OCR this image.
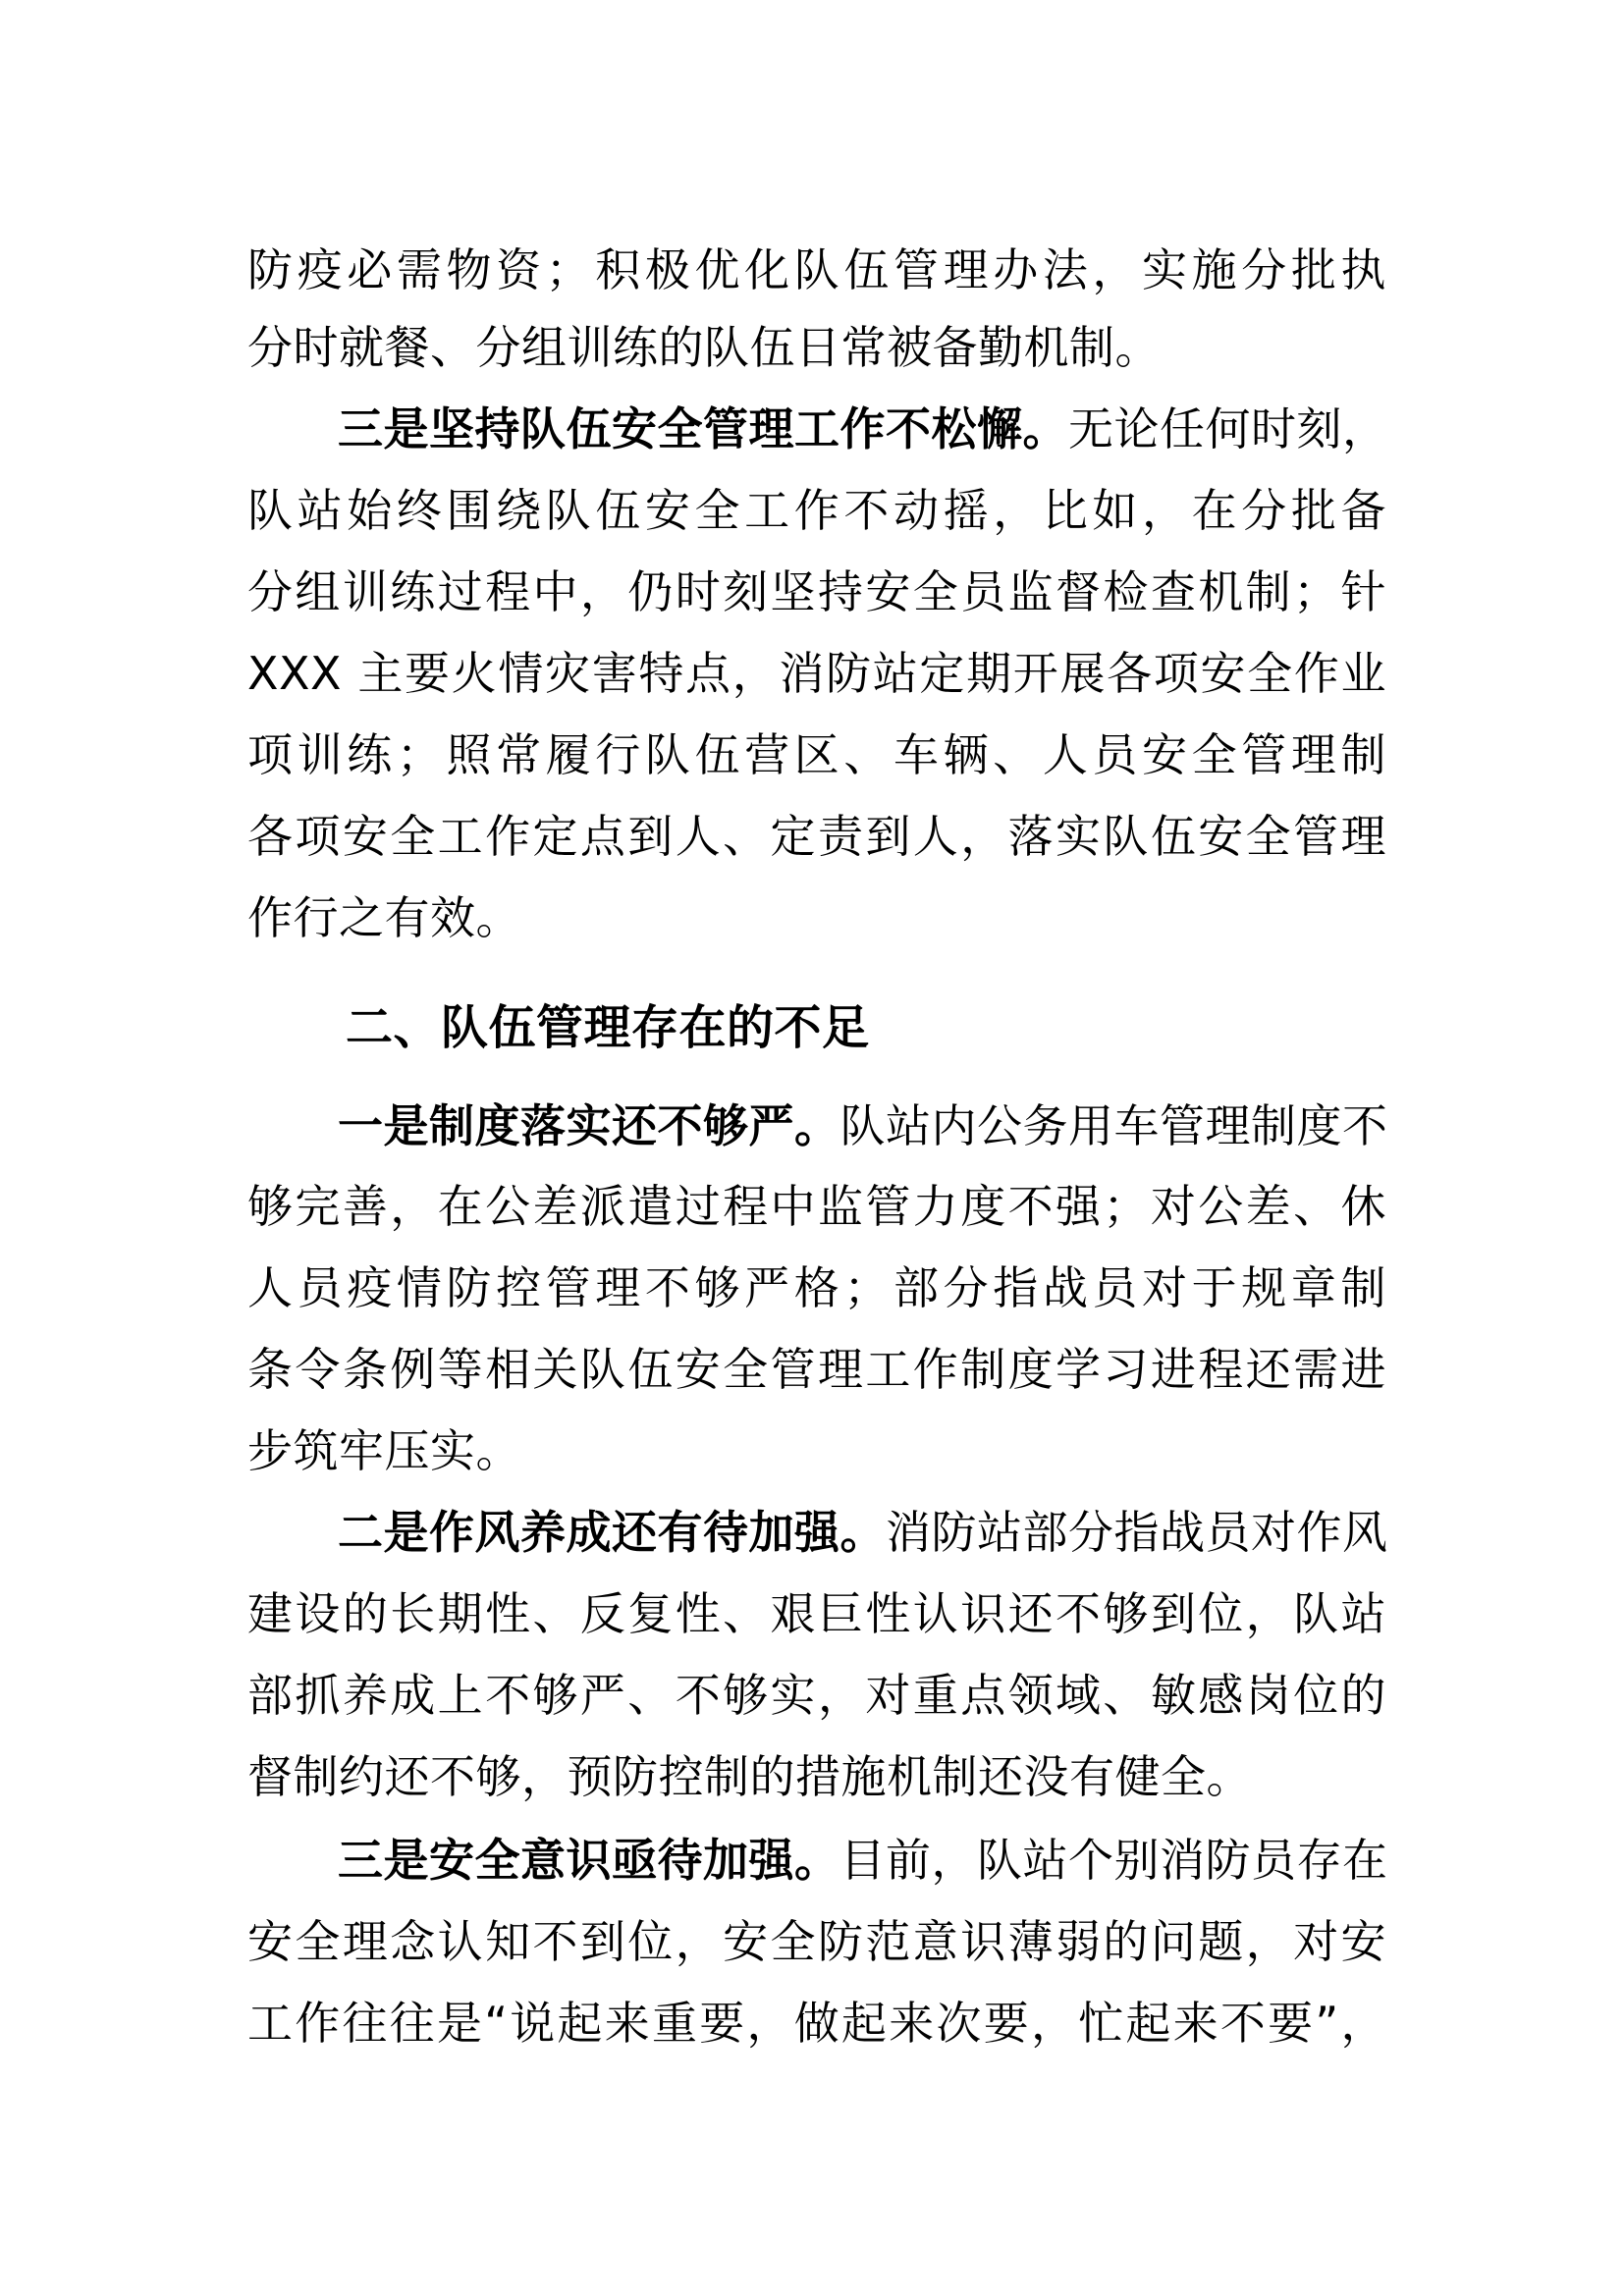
防疫必需物资；积极优化队伍管理办法，实施分批执
分时就餐、分组训练的队伍日常被备勤机制。
三是坚持队伍安全管理工作不松懈。无论任何时刻，
队站始终围绕队伍安全工作不动摇，比如，在分批备
分组训练过程中，仍时刻坚持安全员监督检查机制；针
XXX 主要火情灾害特点，消防站定期开展各项安全作业
项训练；照常履行队伍营区、车辆、人员安全管理制
各项安全工作定点到人、定责到人，落实队伍安全管理
作行之有效。
二、队伍管理存在的不足
一是制度落实还不够严。队站内公务用车管理制度不
够完善，在公差派遣过程中监管力度不强；对公差、休
人员疫情防控管理不够严格；部分指战员对于规章制
条令条例等相关队伍安全管理工作制度学习进程还需进
步筑牢压实。
二是作风养成还有待加强。消防站部分指战员对作风
建设的长期性、反复性、艰巨性认识还不够到位，队站
部抓养成上不够严、不够实，对重点领域、敏感岗位的
督制约还不够，预防控制的措施机制还没有健全。
三是安全意识亟待加强。目前，队站个别消防员存在
安全理念认知不到位，安全防范意识薄弱的问题，对安
工作往往是“说起来重要，做起来次要，忙起来不要”，
